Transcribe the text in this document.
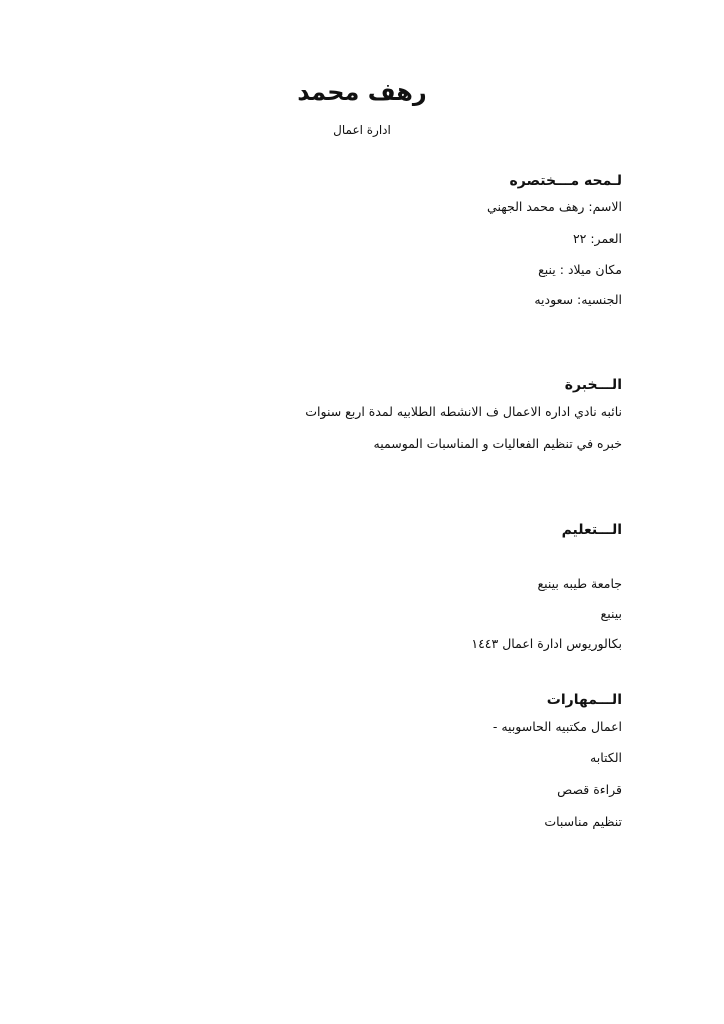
رهف محمد
ادارة اعمال
لـمحه مـــختصره
الاسم: رهف محمد الجهني
العمر: ٢٢
مكان ميلاد : ينبع
الجنسيه: سعوديه
الـــخبرة
نائبه نادي اداره الاعمال ف الانشطه الطلابيه لمدة اربع سنوات
خبره في تنظيم الفعاليات و المناسبات الموسميه
الـــتعليم
جامعة طيبه بينبع
بينبع
بكالوريوس ادارة اعمال ١٤٤٣
الـــمهارات
اعمال مكتبيه الحاسوبيه -
الكتابه
قراءة قصص
تنظيم مناسبات
